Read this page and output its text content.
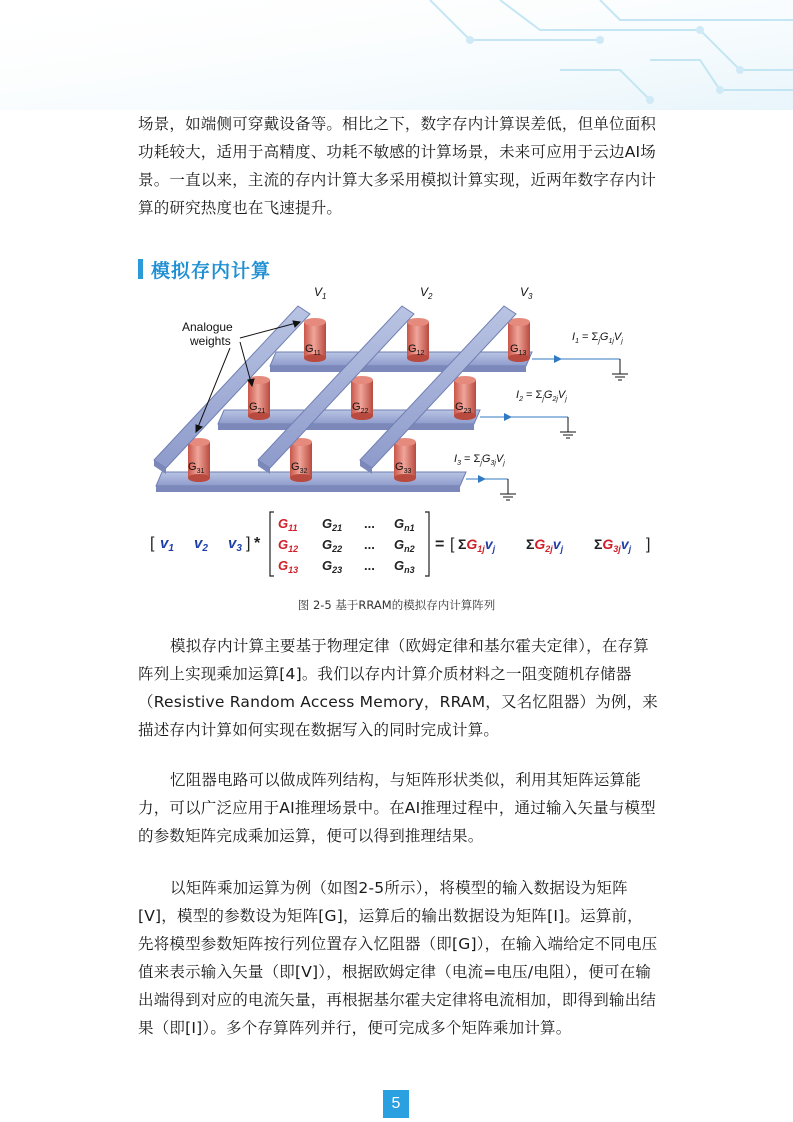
场景，如端侧可穿戴设备等。相比之下，数字存内计算误差低，但单位面积功耗较大，适用于高精度、功耗不敏感的计算场景，未来可应用于云边AI场景。一直以来，主流的存内计算大多采用模拟计算实现，近两年数字存内计算的研究热度也在飞速提升。
模拟存内计算
$G_{11}$	$G_{12}$	$G_{13}$
$G_{21}$	$G_{22}$	$G_{23}$
$G_{31}$	$G_{32}$	$G_{33}$
$V_1$	$V_2$	$V_3$
Analogue
weights	$I_1 = \Sigma_jG_{1j}V_j$
$I_2 = \Sigma_jG_{2j}V_j$
$I_3 = \Sigma_jG_{3j}V_j$
[ $v_1$ $v_2$ $v_3$ ] *
$G_{11}$ $G_{21}$ ... $G_{n1}$
$G_{12}$ $G_{22}$ ... $G_{n2}$
$G_{13}$ $G_{23}$ ... $G_{n3}$
= [ $\Sigma G_{1j}v_j$ $\Sigma G_{2j}v_j$ $\Sigma G_{3j}v_j$ ]
图 2-5 基于RRAM的模拟存内计算阵列
模拟存内计算主要基于物理定律（欧姆定律和基尔霍夫定律），在存算阵列上实现乘加运算[4]。我们以存内计算介质材料之一阻变随机存储器（Resistive Random Access Memory，RRAM，又名忆阻器）为例，来描述存内计算如何实现在数据写入的同时完成计算。
忆阻器电路可以做成阵列结构，与矩阵形状类似，利用其矩阵运算能力，可以广泛应用于AI推理场景中。在AI推理过程中，通过输入矢量与模型的参数矩阵完成乘加运算，便可以得到推理结果。
以矩阵乘加运算为例（如图2-5所示），将模型的输入数据设为矩阵[V]，模型的参数设为矩阵[G]，运算后的输出数据设为矩阵[I]。运算前，先将模型参数矩阵按行列位置存入忆阻器（即[G]），在输入端给定不同电压值来表示输入矢量（即[V]），根据欧姆定律（电流=电压/电阻），便可在输出端得到对应的电流矢量，再根据基尔霍夫定律将电流相加，即得到输出结果（即[I]）。多个存算阵列并行，便可完成多个矩阵乘加计算。
5
